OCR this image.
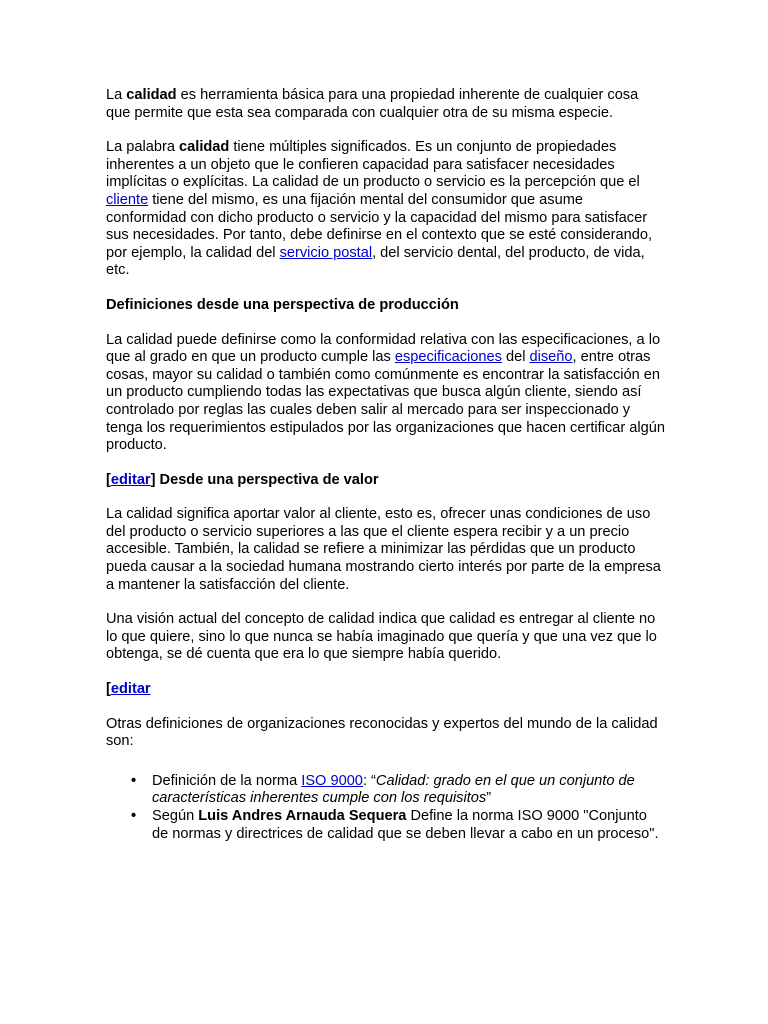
La calidad es herramienta básica para una propiedad inherente de cualquier cosa que permite que esta sea comparada con cualquier otra de su misma especie.

La palabra calidad tiene múltiples significados. Es un conjunto de propiedades inherentes a un objeto que le confieren capacidad para satisfacer necesidades implícitas o explícitas. La calidad de un producto o servicio es la percepción que el cliente tiene del mismo, es una fijación mental del consumidor que asume conformidad con dicho producto o servicio y la capacidad del mismo para satisfacer sus necesidades. Por tanto, debe definirse en el contexto que se esté considerando, por ejemplo, la calidad del servicio postal, del servicio dental, del producto, de vida, etc.

Definiciones desde una perspectiva de producción

La calidad puede definirse como la conformidad relativa con las especificaciones, a lo que al grado en que un producto cumple las especificaciones del diseño, entre otras cosas, mayor su calidad o también como comúnmente es encontrar la satisfacción en un producto cumpliendo todas las expectativas que busca algún cliente, siendo así controlado por reglas las cuales deben salir al mercado para ser inspeccionado y tenga los requerimientos estipulados por las organizaciones que hacen certificar algún producto.

[editar] Desde una perspectiva de valor

La calidad significa aportar valor al cliente, esto es, ofrecer unas condiciones de uso del producto o servicio superiores a las que el cliente espera recibir y a un precio accesible. También, la calidad se refiere a minimizar las pérdidas que un producto pueda causar a la sociedad humana mostrando cierto interés por parte de la empresa a mantener la satisfacción del cliente.

Una visión actual del concepto de calidad indica que calidad es entregar al cliente no lo que quiere, sino lo que nunca se había imaginado que quería y que una vez que lo obtenga, se dé cuenta que era lo que siempre había querido.

[editar

Otras definiciones de organizaciones reconocidas y expertos del mundo de la calidad son:

• Definición de la norma ISO 9000: “Calidad: grado en el que un conjunto de características inherentes cumple con los requisitos”
• Según Luis Andres Arnauda Sequera Define la norma ISO 9000 "Conjunto de normas y directrices de calidad que se deben llevar a cabo en un proceso".
